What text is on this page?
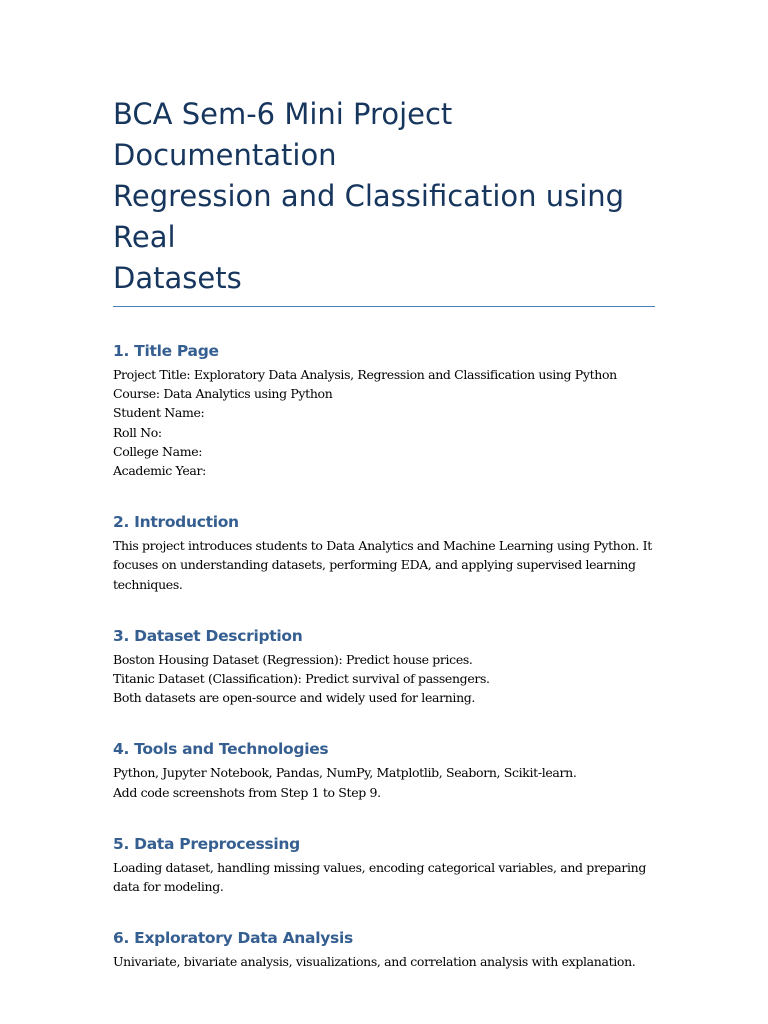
BCA Sem-6 Mini Project Documentation
Regression and Classification using Real
Datasets
1. Title Page

Project Title: Exploratory Data Analysis, Regression and Classification using Python

Course: Data Analytics using Python

Student Name:

Roll No:

College Name:

Academic Year:

2. Introduction

This project introduces students to Data Analytics and Machine Learning using Python. It

focuses on understanding datasets, performing EDA, and applying supervised learning

techniques.

3. Dataset Description

Boston Housing Dataset (Regression): Predict house prices.

Titanic Dataset (Classification): Predict survival of passengers.

Both datasets are open-source and widely used for learning.

4. Tools and Technologies

Python, Jupyter Notebook, Pandas, NumPy, Matplotlib, Seaborn, Scikit-learn.

Add code screenshots from Step 1 to Step 9.

5. Data Preprocessing

Loading dataset, handling missing values, encoding categorical variables, and preparing

data for modeling.

6. Exploratory Data Analysis

Univariate, bivariate analysis, visualizations, and correlation analysis with explanation.
